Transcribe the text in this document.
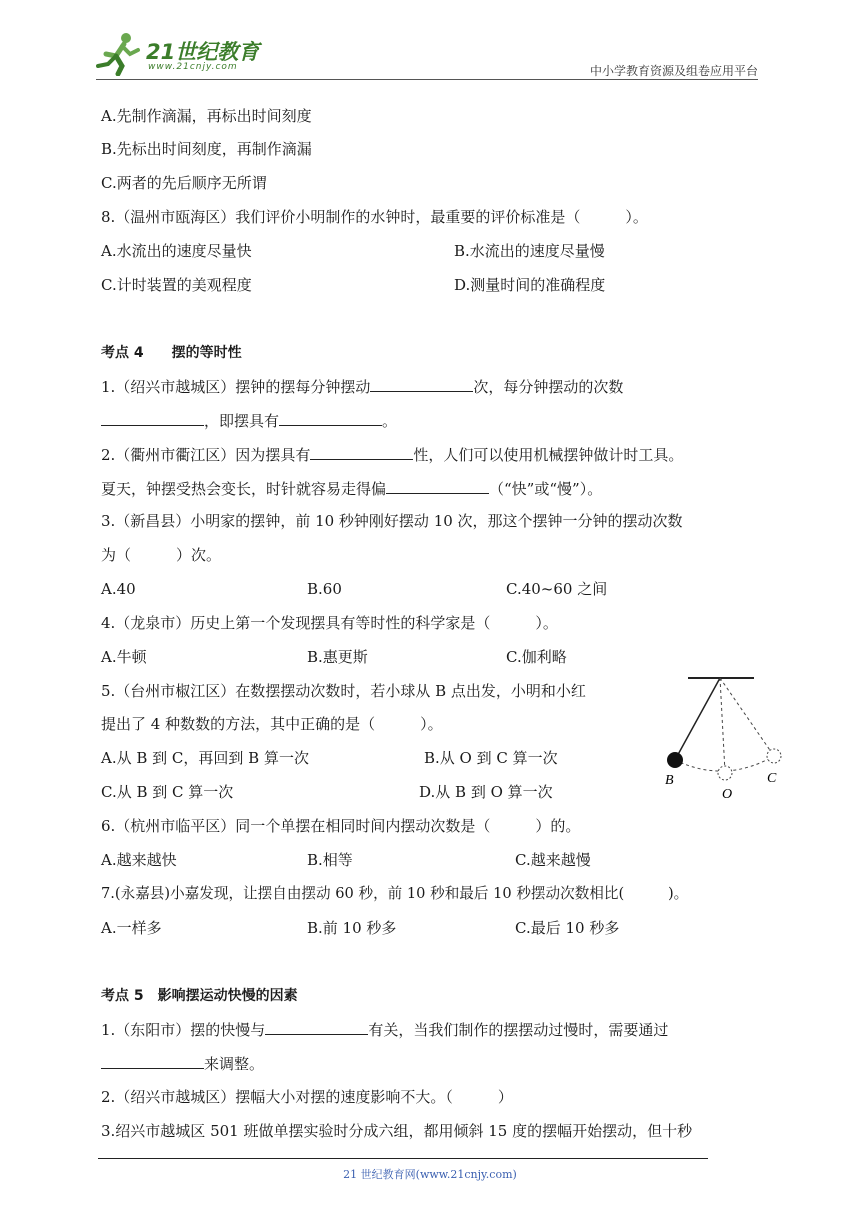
21世纪教育
www.21cnjy.com	中小学教育资源及组卷应用平台
A.先制作滴漏，再标出时间刻度
B.先标出时间刻度，再制作滴漏
C.两者的先后顺序无所谓
8.（温州市瓯海区）我们评价小明制作的水钟时，最重要的评价标准是（　　　）。
A.水流出的速度尽量快	B.水流出的速度尽量慢
C.计时装置的美观程度	D.测量时间的准确程度
考点 4　　摆的等时性
1.（绍兴市越城区）摆钟的摆每分钟摆动	次，每分钟摆动的次数
，即摆具有	。
2.（衢州市衢江区）因为摆具有	性，人们可以使用机械摆钟做计时工具。
夏天，钟摆受热会变长，时针就容易走得偏	（“快”或“慢”）。
3.（新昌县）小明家的摆钟，前 10 秒钟刚好摆动 10 次，那这个摆钟一分钟的摆动次数
为（　　　）次。
A.40	B.60	C.40~60 之间
4.（龙泉市）历史上第一个发现摆具有等时性的科学家是（　　　）。
A.牛顿	B.惠更斯	C.伽利略
5.（台州市椒江区）在数摆摆动次数时，若小球从 B 点出发，小明和小红
提出了 4 种数数的方法，其中正确的是（　　　）。
A.从 B 到 C，再回到 B 算一次	B.从 O 到 C 算一次
C.从 B 到 C 算一次	D.从 B 到 O 算一次
B
O
C
6.（杭州市临平区）同一个单摆在相同时间内摆动次数是（　　　）的。
A.越来越快	B.相等	C.越来越慢
7.(永嘉县)小嘉发现，让摆自由摆动 60 秒，前 10 秒和最后 10 秒摆动次数相比(　　　)。
A.一样多	B.前 10 秒多	C.最后 10 秒多
考点 5　影响摆运动快慢的因素
1.（东阳市）摆的快慢与	有关，当我们制作的摆摆动过慢时，需要通过
来调整。
2.（绍兴市越城区）摆幅大小对摆的速度影响不大。（　　　）
3.绍兴市越城区 501 班做单摆实验时分成六组，都用倾斜 15 度的摆幅开始摆动，但十秒
21 世纪教育网(www.21cnjy.com)
